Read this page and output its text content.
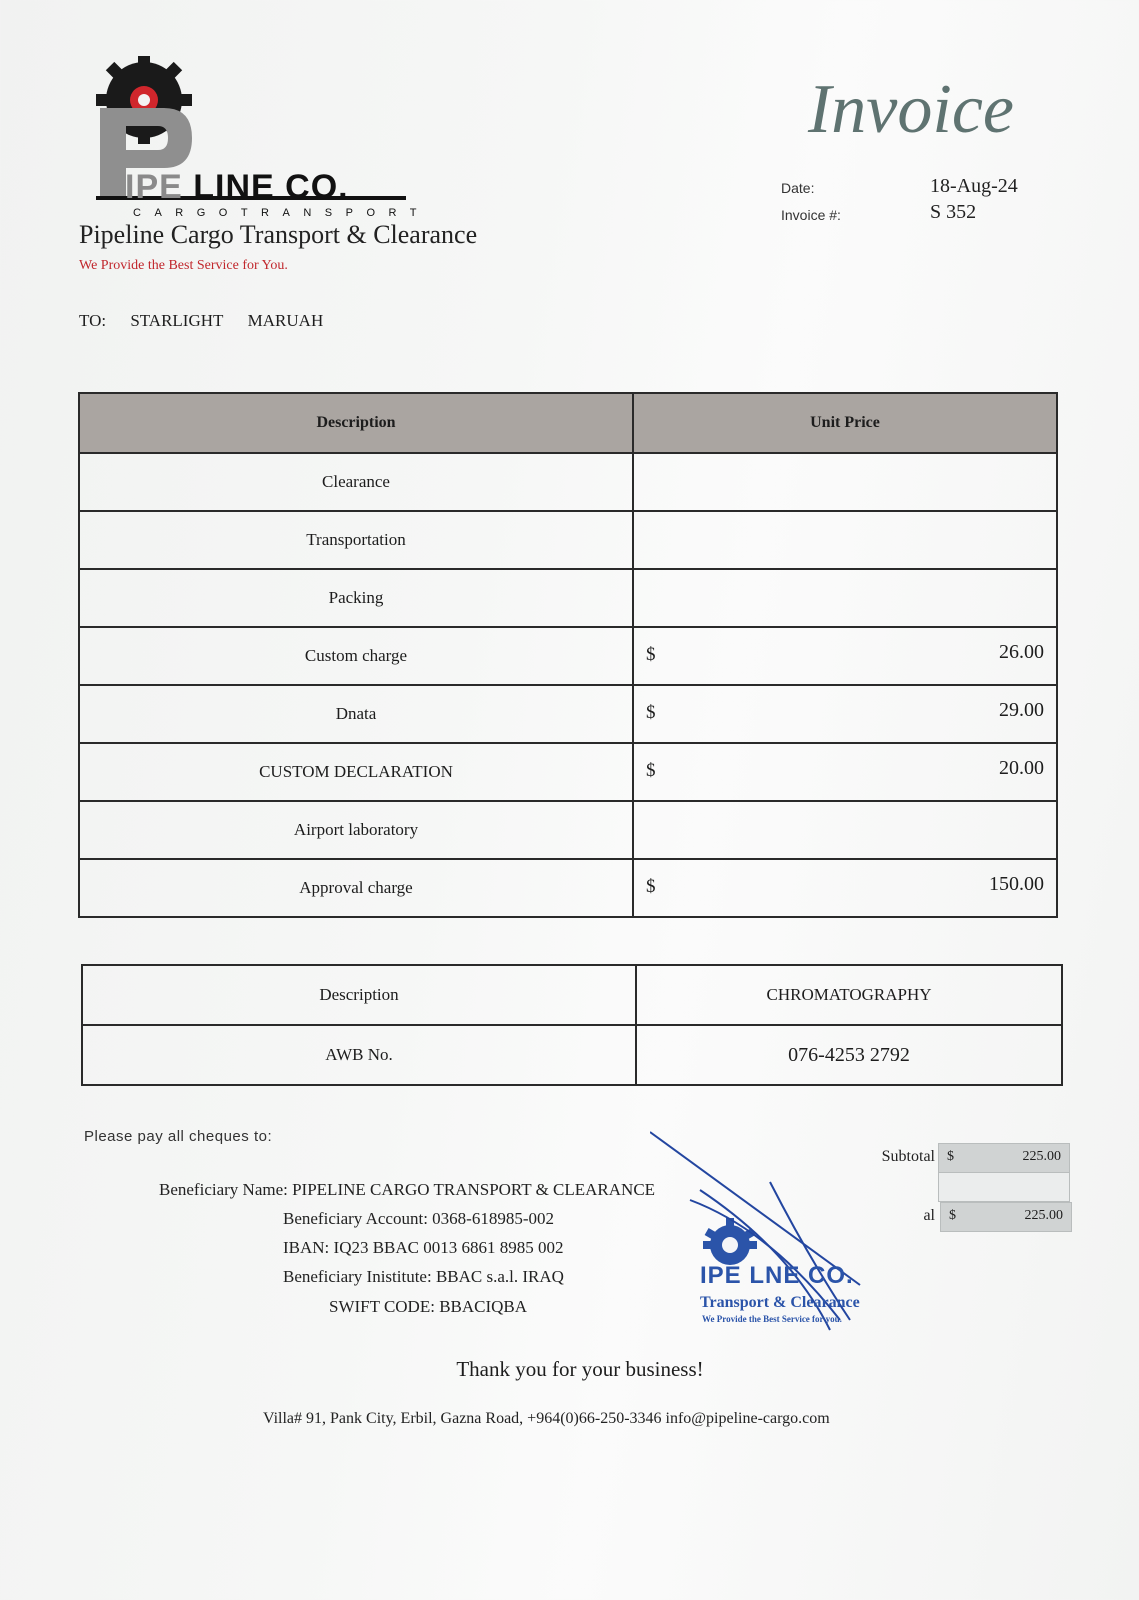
IPE LINE CO.
CARGOTRANSPORT
Pipeline Cargo Transport & Clearance
We Provide the Best Service for You.
Invoice
Date:	18-Aug-24
Invoice #:	S 352
TO: STARLIGHT MARUAH
Description	Unit Price
Clearance	

Transportation	

Packing	

Custom charge	$ 26.00

Dnata	$ 29.00

CUSTOM DECLARATION	$ 20.00

Airport laboratory	

Approval charge	$ 150.00
Description	CHROMATOGRAPHY
AWB No.	076-4253 2792
Please pay all cheques to:
Beneficiary Name: PIPELINE CARGO TRANSPORT & CLEARANCE
Beneficiary Account: 0368-618985-002
IBAN: IQ23 BBAC 0013 6861 8985 002
Beneficiary Inistitute: BBAC s.a.l. IRAQ
SWIFT CODE: BBACIQBA
Subtotal $	225.00
al $	225.00
IPE LNE CO.
Transport & Clearance
We Provide the Best Service for you.
Thank you for your business!
Villa# 91, Pank City, Erbil, Gazna Road, +964(0)66-250-3346 info@pipeline-cargo.com
